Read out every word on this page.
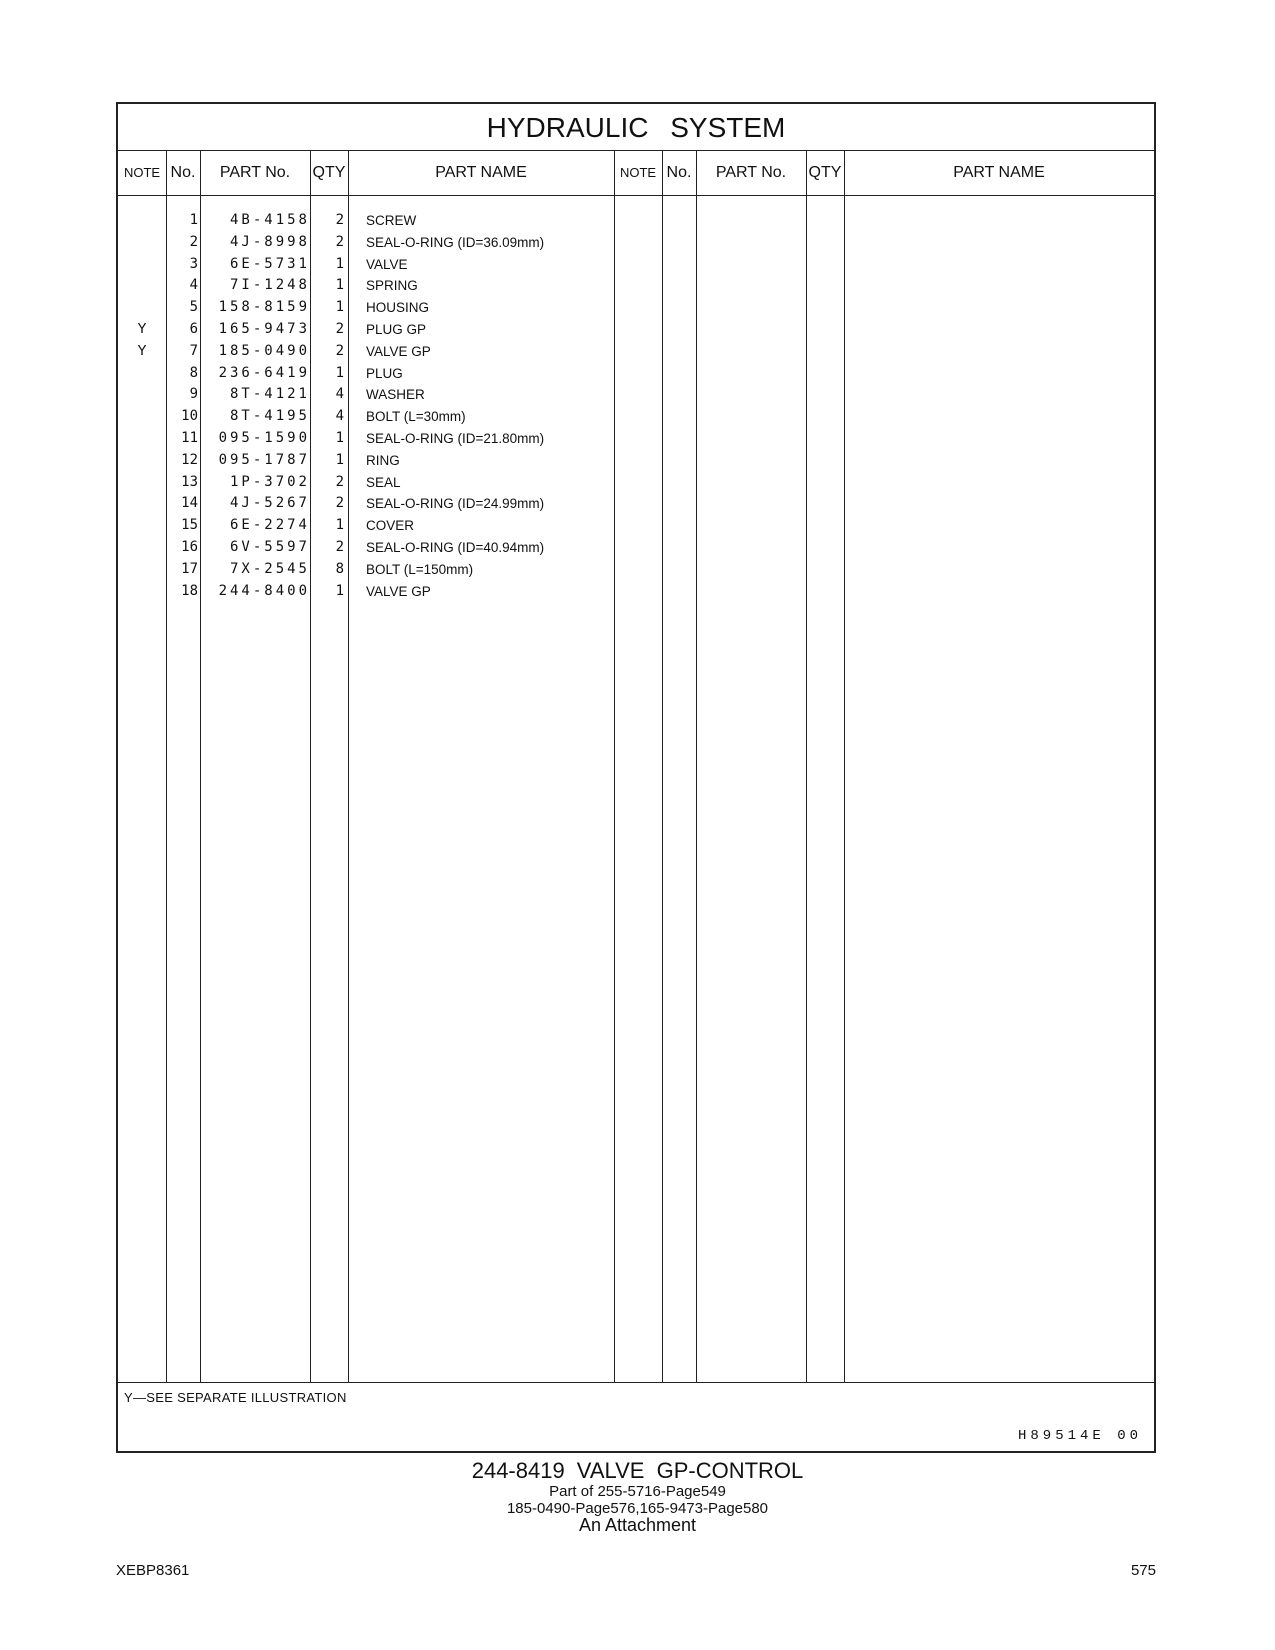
HYDRAULIC SYSTEM
NOTE No.	PART No.	QTY	PART NAME	NOTE No.	PART No.	QTY	PART NAME
1	4B-4158	2 SCREW
2	4J-8998	2 SEAL-O-RING (ID=36.09mm)
3	6E-5731	1 VALVE
4	7I-1248	1 SPRING
5	158-8159	1 HOUSING
Y	6	165-9473	2 PLUG GP
Y	7	185-0490	2 VALVE GP
8	236-6419	1 PLUG
9	8T-4121	4 WASHER
10	8T-4195	4 BOLT (L=30mm)
11	095-1590	1 SEAL-O-RING (ID=21.80mm)
12	095-1787	1 RING
13	1P-3702	2 SEAL
14	4J-5267	2 SEAL-O-RING (ID=24.99mm)
15	6E-2274	1 COVER
16	6V-5597	2 SEAL-O-RING (ID=40.94mm)
17	7X-2545	8 BOLT (L=150mm)
18	244-8400	1 VALVE GP
Y—SEE SEPARATE ILLUSTRATION
H89514E 00
244-8419 VALVE GP-CONTROL
Part of 255-5716-Page549
185-0490-Page576,165-9473-Page580
An Attachment
XEBP8361	575
